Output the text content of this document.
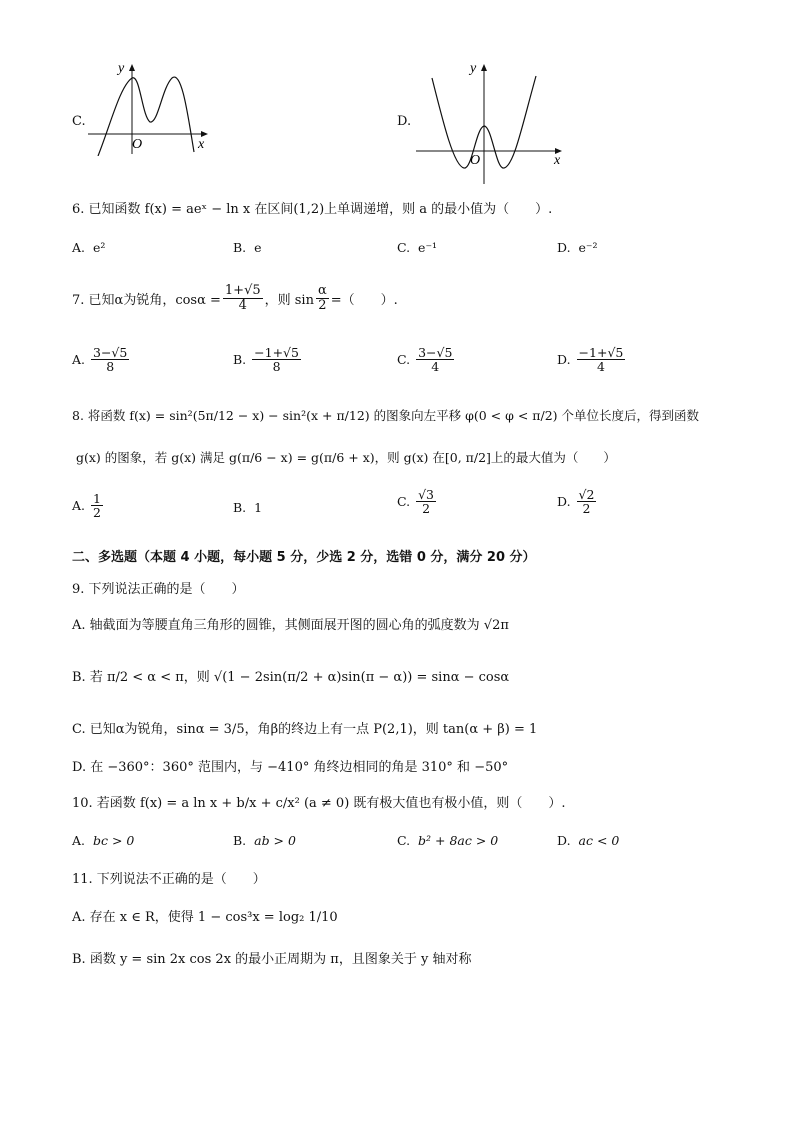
C.
y
x
O
D.
y
x
O
6. 已知函数 f(x) = aeˣ − ln x 在区间(1,2)上单调递增，则 a 的最小值为（　　）.
A. e²	B. e	C. e⁻¹	D. e⁻²
7. 已知α为锐角，$\cos\alpha = \frac{1+√5}{4}$ ，则 $\sin \frac{\alpha}{2}$ =（　　）.
A.
$\frac{3-√5}{8}$	B.
$\frac{-1+√5}{8}$	C.
$\frac{3-√5}{4}$	D.
$\frac{-1+√5}{4}$
8. 将函数 f(x) = sin²(5π/12 − x) − sin²(x + π/12) 的图象向左平移 φ(0 < φ < π/2) 个单位长度后，得到函数
g(x) 的图象，若 g(x) 满足 g(π/6 − x) = g(π/6 + x)，则 g(x) 在[0, π/2]上的最大值为（　　）
A.
$\frac{1}{2}$	B. 1	C.
$\frac{√3}{2}$	D.
$\frac{√2}{2}$
二、多选题（本题 4 小题，每小题 5 分，少选 2 分，选错 0 分，满分 20 分）
9. 下列说法正确的是（　　）
A. 轴截面为等腰直角三角形的圆锥，其侧面展开图的圆心角的弧度数为 √2π
B. 若 π/2 < α < π，则 √(1 − 2sin(π/2 + α)sin(π − α)) = sinα − cosα
C. 已知α为锐角，sinα = 3/5，角β的终边上有一点 P(2,1)，则 tan(α + β) = 1
D. 在 −360°：360° 范围内，与 −410° 角终边相同的角是 310° 和 −50°
10. 若函数 f(x) = a ln x + b/x + c/x² (a ≠ 0) 既有极大值也有极小值，则（　　）.
A. bc > 0	B. ab > 0	C. b² + 8ac > 0	D. ac < 0
11. 下列说法不正确的是（　　）
A. 存在 x ∈ R，使得 1 − cos³x = log₂ 1/10
B. 函数 y = sin 2x cos 2x 的最小正周期为 π，且图象关于 y 轴对称
